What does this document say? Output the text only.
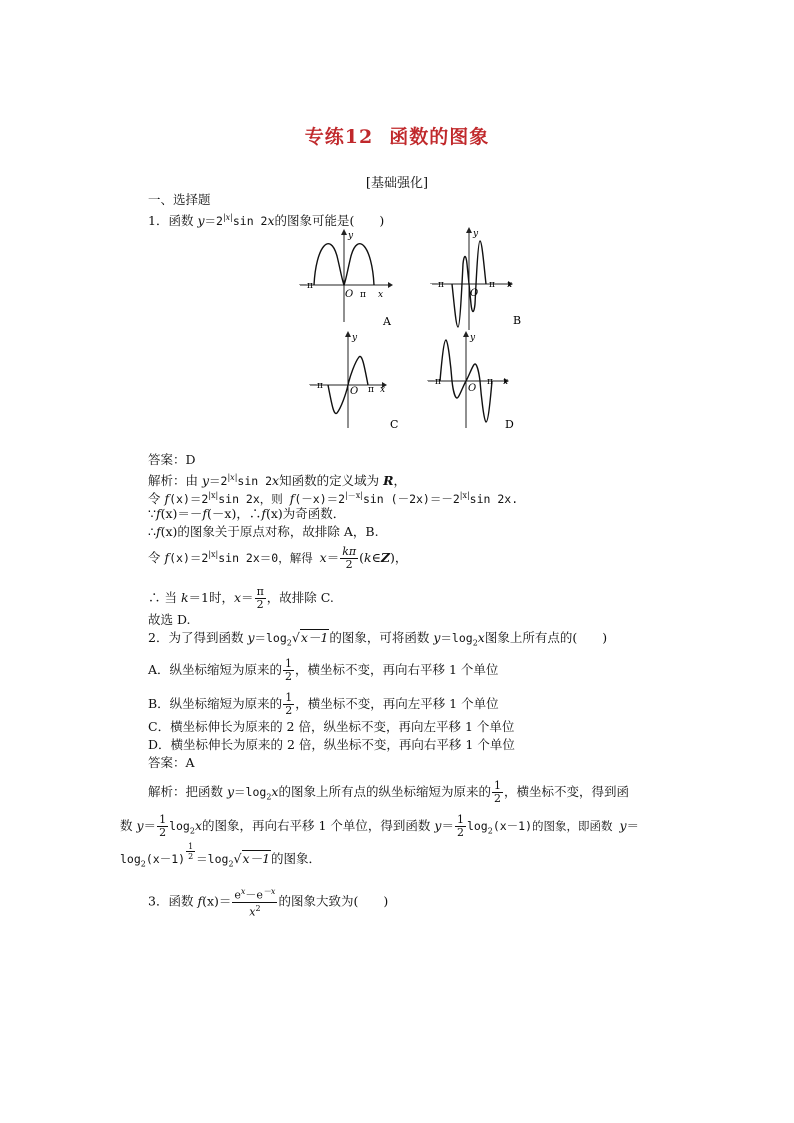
专练12 函数的图象
[基础强化]
一、选择题
1．函数 $y=2^{|x|}\sin$ 2x的图象可能是(　　)
－π
π
O	x
y
A
－π	π
O
x
y
B
－π	π
O x
y
C
－π	π
O
x
y
D
答案：D
解析：由 $y=2^{|x|}\sin$ 2x知函数的定义域为 R，
令 $f(x)=2^{|x|}\sin$ 2x，则 $f(-x)=2^{|-x|}\sin$ $(-2x)=-2^{|x|}\sin$ 2x.
∵f(x)＝－f(－x)，∴f(x)为奇函数．
∴f(x)的图象关于原点对称，故排除 A，B.
令 $f(x)=2^{|x|}\sin$ 2x＝0，解得 $x= \frac{k\pi}{2}$ (k∈Z)，
∴ 当 k＝1时，$x= \frac{\pi}{2}$ ，故排除 C.
故选 D.
2．为了得到函数 $y=\log_2√x-1$的图象，可将函数 $y=\log_2x$图象上所有点的(　　)
A．纵坐标缩短为原来的 $\frac{1}{2}$ ，横坐标不变，再向右平移 1 个单位
B．纵坐标缩短为原来的 $\frac{1}{2}$ ，横坐标不变，再向左平移 1 个单位
C．横坐标伸长为原来的 2 倍，纵坐标不变，再向左平移 1 个单位
D．横坐标伸长为原来的 2 倍，纵坐标不变，再向右平移 1 个单位
答案：A
解析：把函数 $y=\log_2x$的图象上所有点的纵坐标缩短为原来的 $\frac{1}{2}$ ，横坐标不变，得到函
数 $y= \frac{1}{2} \log_2x$的图象，再向右平移 1 个单位，得到函数 $y= \frac{1}{2} \log_2(x-1)$的图象，即函数 y＝
$\log_2(x-1) \frac{1}{2} =\log_2√x-1$的图象．
3．函数 $f(x)= \frac{e^x-e^{-x}}{x^2}$ 的图象大致为(　　)
